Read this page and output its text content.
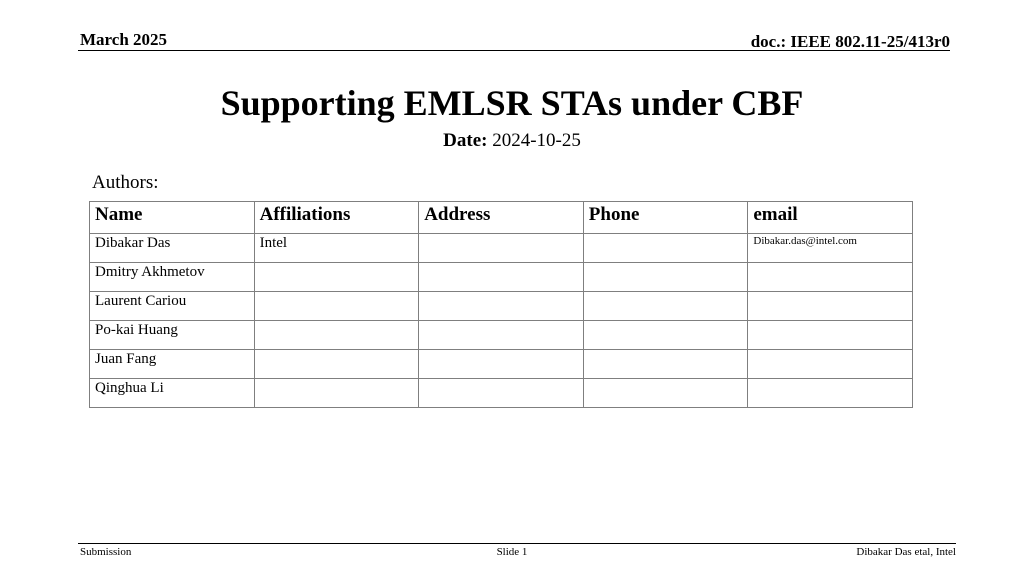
March 2025	doc.: IEEE 802.11-25/413r0
Supporting EMLSR STAs under CBF
Date: 2024-10-25
Authors:
Name	Affiliations	Address	Phone	email
Dibakar Das	Intel			Dibakar.das@intel.com
Dmitry Akhmetov				
Laurent Cariou				
Po-kai Huang				
Juan Fang				
Qinghua Li				
Submission	Slide 1	Dibakar Das etal, Intel
